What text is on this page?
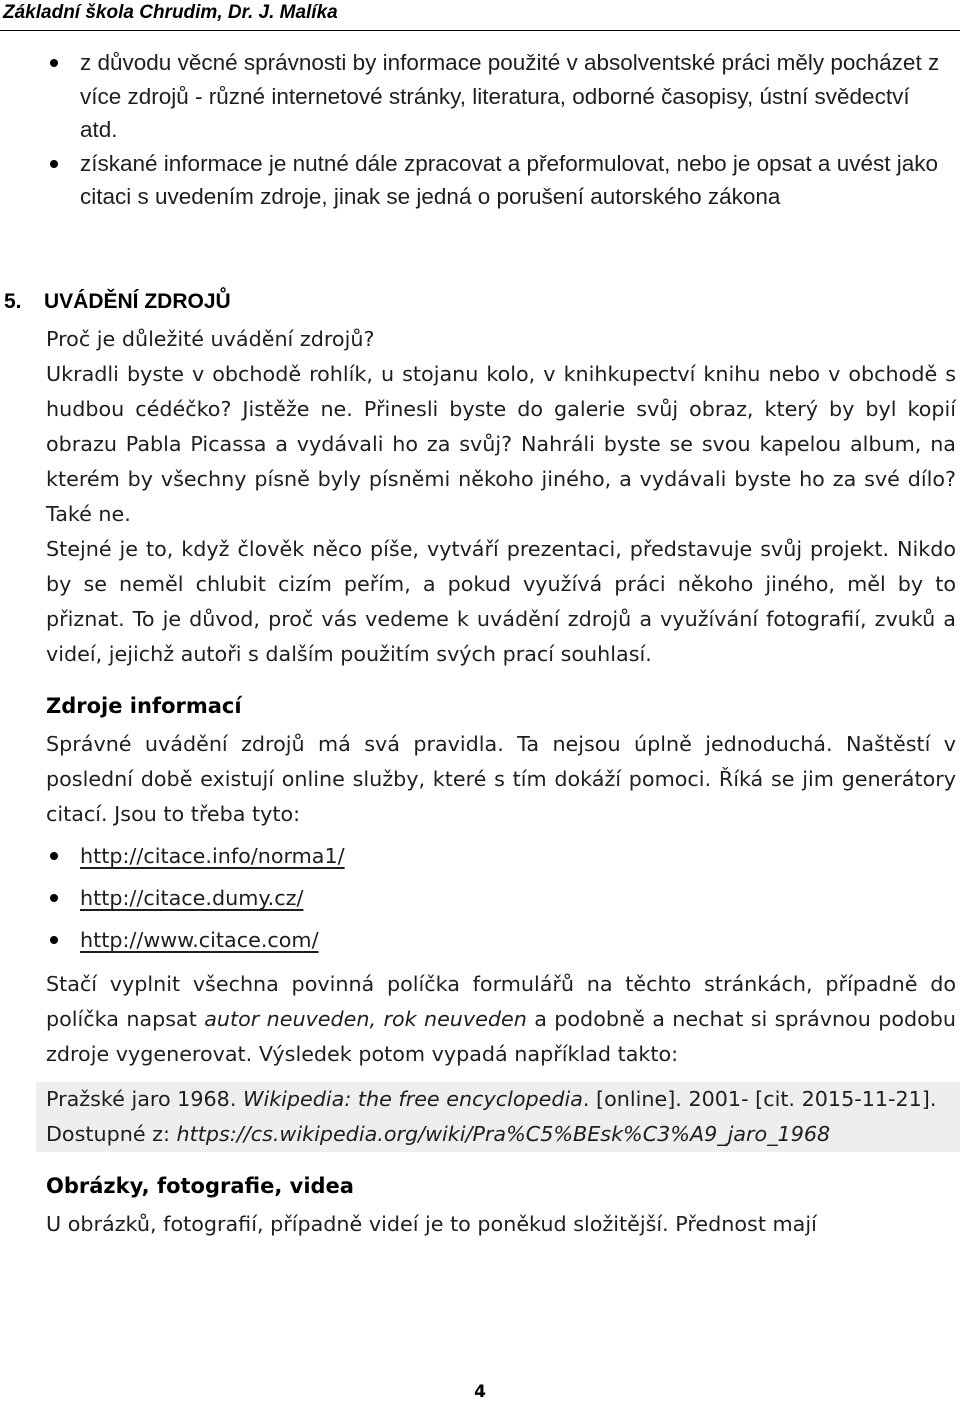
Základní škola Chrudim, Dr. J. Malíka
z důvodu věcné správnosti by informace použité v absolventské práci měly pocházet z více zdrojů - různé internetové stránky, literatura, odborné časopisy, ústní svědectví atd.
získané informace je nutné dále zpracovat a přeformulovat, nebo je opsat a uvést jako citaci s uvedením zdroje, jinak se jedná o porušení autorského zákona
5. UVÁDĚNÍ ZDROJŮ

Proč je důležité uvádění zdrojů?

Ukradli byste v obchodě rohlík, u stojanu kolo, v knihkupectví knihu nebo v obchodě s hudbou cédéčko? Jistěže ne. Přinesli byste do galerie svůj obraz, který by byl kopií obrazu Pabla Picassa a vydávali ho za svůj? Nahráli byste se svou kapelou album, na kterém by všechny písně byly písněmi někoho jiného, a vydávali byste ho za své dílo? Také ne.

Stejné je to, když člověk něco píše, vytváří prezentaci, představuje svůj projekt. Nikdo by se neměl chlubit cizím peřím, a pokud využívá práci někoho jiného, měl by to přiznat. To je důvod, proč vás vedeme k uvádění zdrojů a využívání fotografií, zvuků a videí, jejichž autoři s dalším použitím svých prací souhlasí.

Zdroje informací

Správné uvádění zdrojů má svá pravidla. Ta nejsou úplně jednoduchá. Naštěstí v poslední době existují online služby, které s tím dokáží pomoci. Říká se jim generátory citací. Jsou to třeba tyto:

http://citace.info/norma1/
http://citace.dumy.cz/
http://www.citace.com/

Stačí vyplnit všechna povinná políčka formulářů na těchto stránkách, případně do políčka napsat autor neuveden, rok neuveden a podobně a nechat si správnou podobu zdroje vygenerovat. Výsledek potom vypadá například takto:

Pražské jaro 1968. Wikipedia: the free encyclopedia. [online]. 2001- [cit. 2015-11-21]. Dostupné z: https://cs.wikipedia.org/wiki/Pra%C5%BEsk%C3%A9_jaro_1968

Obrázky, fotografie, videa

U obrázků, fotografií, případně videí je to poněkud složitější. Přednost mají

4
